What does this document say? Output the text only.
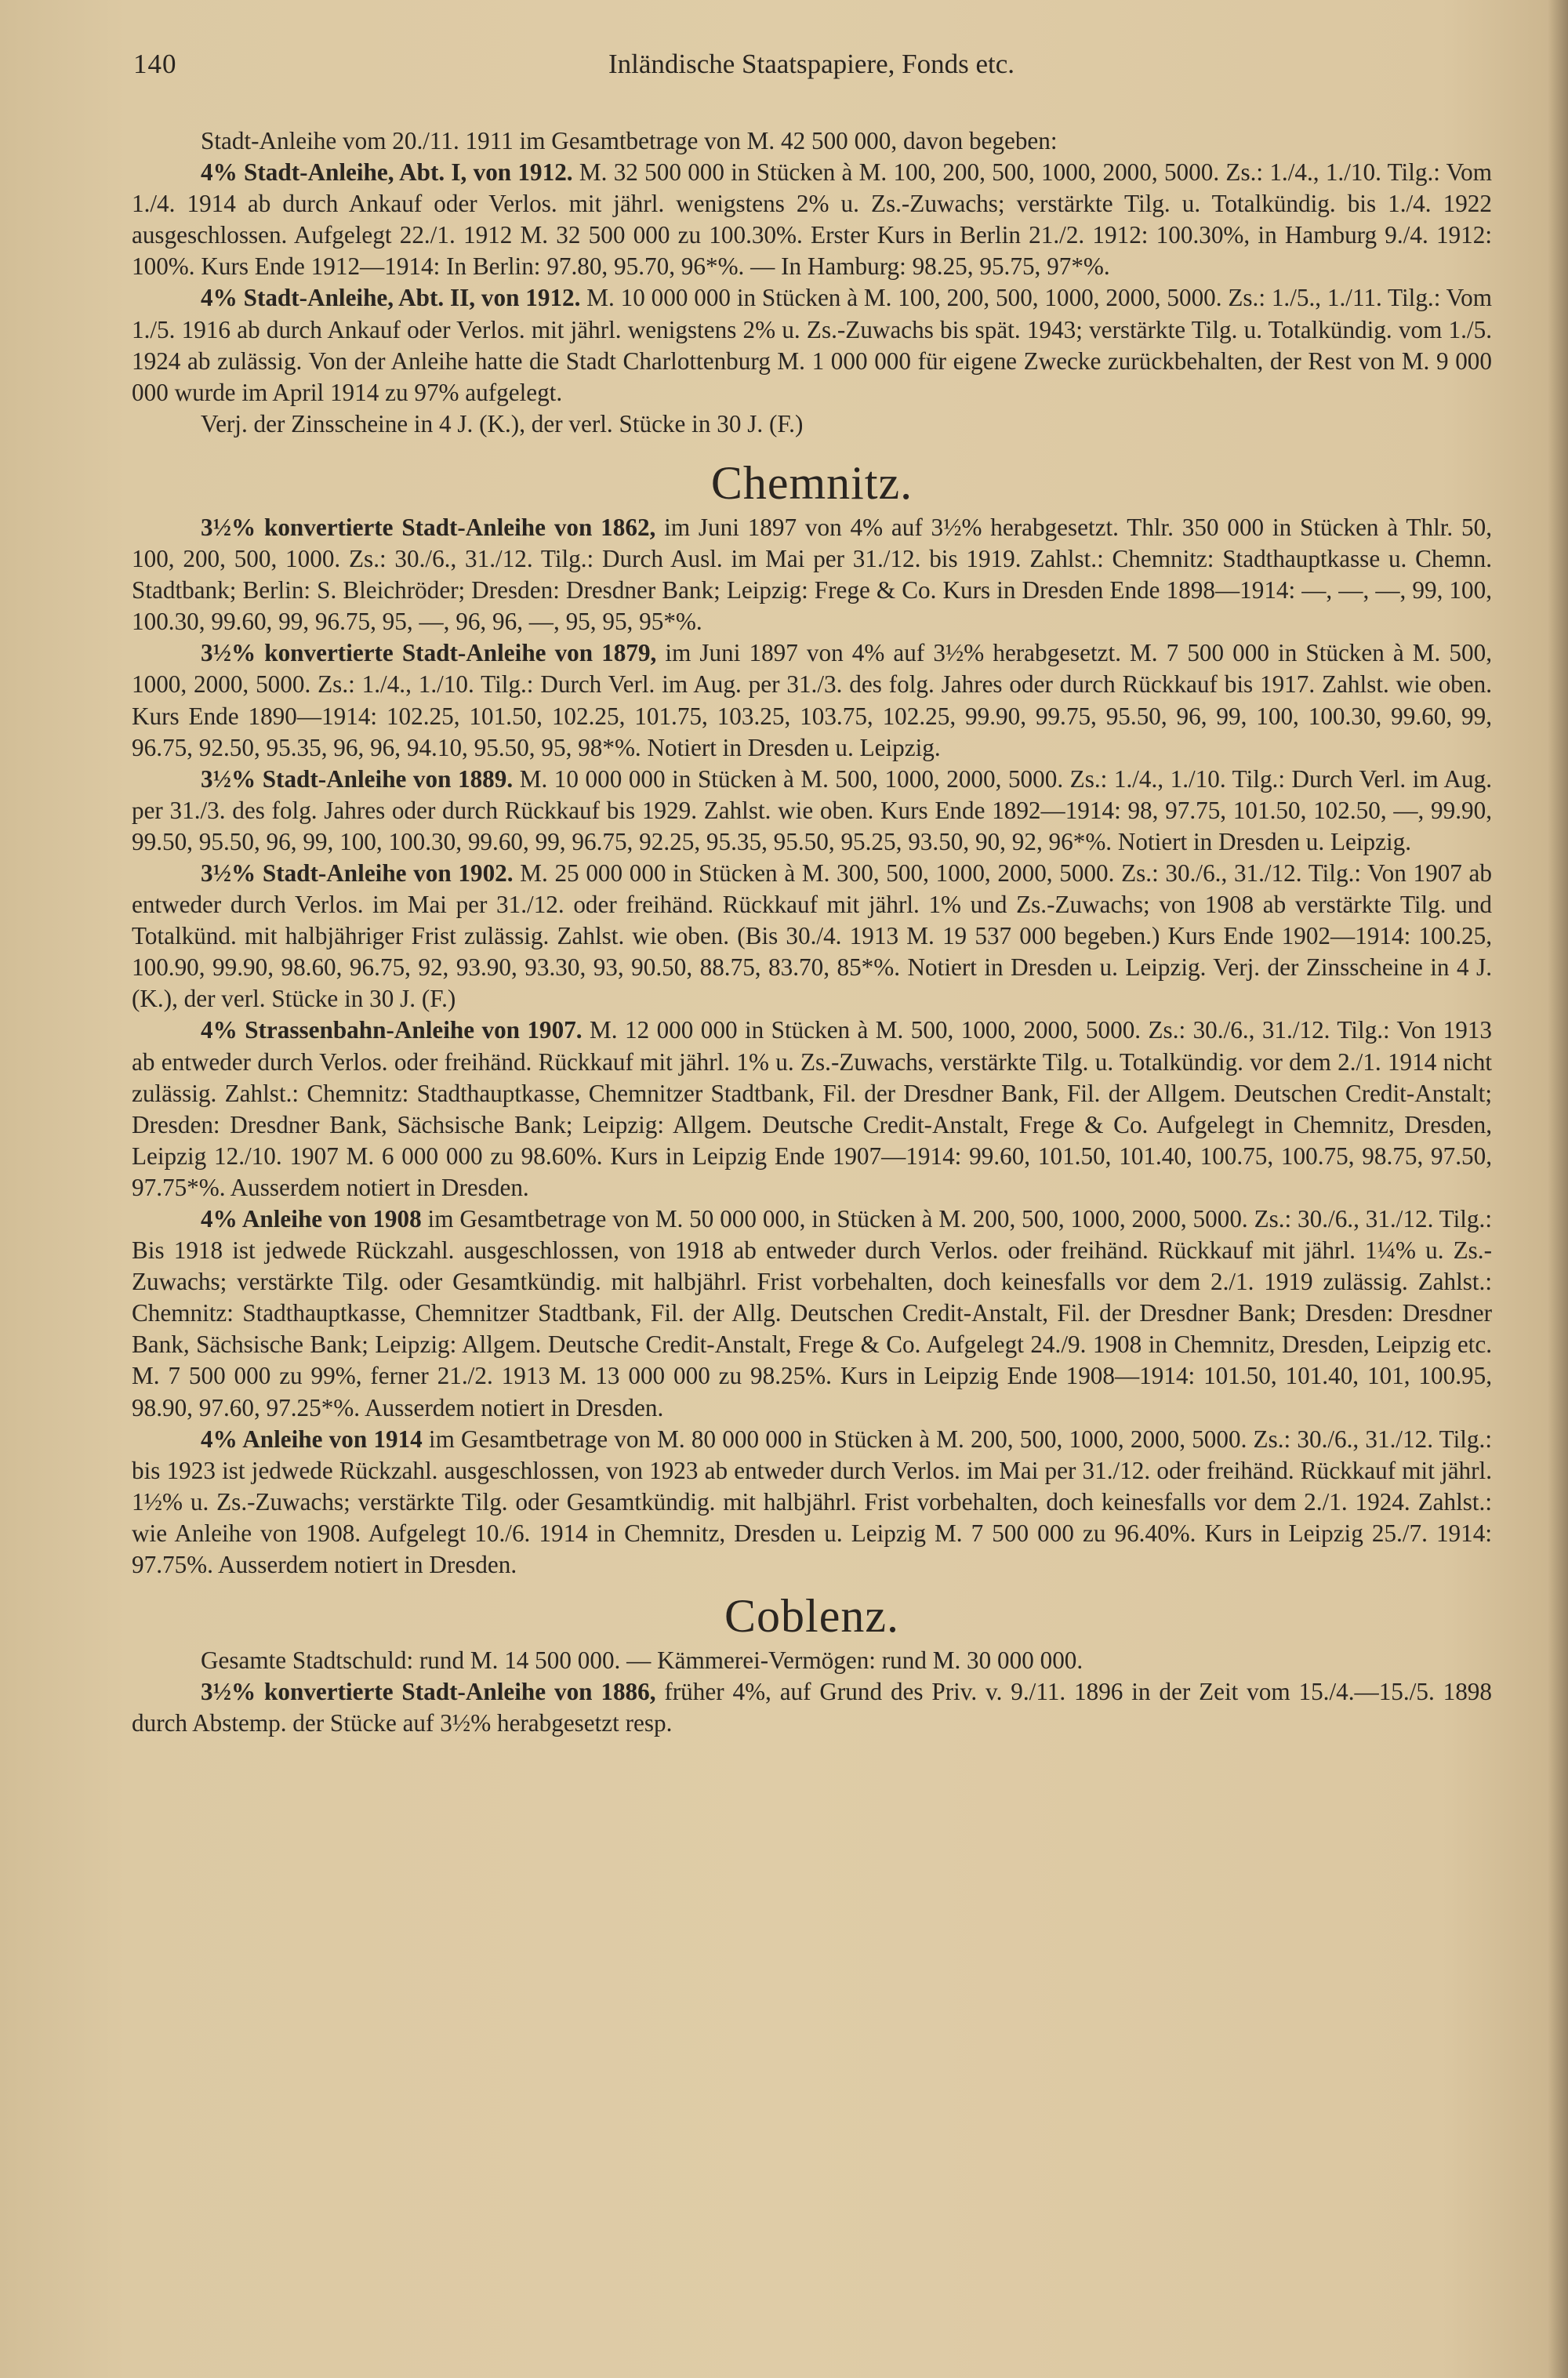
140	Inländische Staatspapiere, Fonds etc.

Stadt-Anleihe vom 20./11. 1911 im Gesamtbetrage von M. 42 500 000, davon begeben:

4% Stadt-Anleihe, Abt. I, von 1912. M. 32 500 000 in Stücken à M. 100, 200, 500, 1000, 2000, 5000. Zs.: 1./4., 1./10. Tilg.: Vom 1./4. 1914 ab durch Ankauf oder Verlos. mit jährl. wenigstens 2% u. Zs.-Zuwachs; verstärkte Tilg. u. Totalkündig. bis 1./4. 1922 ausgeschlossen. Aufgelegt 22./1. 1912 M. 32 500 000 zu 100.30%. Erster Kurs in Berlin 21./2. 1912: 100.30%, in Hamburg 9./4. 1912: 100%. Kurs Ende 1912—1914: In Berlin: 97.80, 95.70, 96*%. — In Hamburg: 98.25, 95.75, 97*%.

4% Stadt-Anleihe, Abt. II, von 1912. M. 10 000 000 in Stücken à M. 100, 200, 500, 1000, 2000, 5000. Zs.: 1./5., 1./11. Tilg.: Vom 1./5. 1916 ab durch Ankauf oder Verlos. mit jährl. wenigstens 2% u. Zs.-Zuwachs bis spät. 1943; verstärkte Tilg. u. Totalkündig. vom 1./5. 1924 ab zulässig. Von der Anleihe hatte die Stadt Charlottenburg M. 1 000 000 für eigene Zwecke zurückbehalten, der Rest von M. 9 000 000 wurde im April 1914 zu 97% aufgelegt.

Verj. der Zinsscheine in 4 J. (K.), der verl. Stücke in 30 J. (F.)

Chemnitz.

3½% konvertierte Stadt-Anleihe von 1862, im Juni 1897 von 4% auf 3½% herabgesetzt. Thlr. 350 000 in Stücken à Thlr. 50, 100, 200, 500, 1000. Zs.: 30./6., 31./12. Tilg.: Durch Ausl. im Mai per 31./12. bis 1919. Zahlst.: Chemnitz: Stadthauptkasse u. Chemn. Stadtbank; Berlin: S. Bleichröder; Dresden: Dresdner Bank; Leipzig: Frege & Co. Kurs in Dresden Ende 1898—1914: —, —, —, 99, 100, 100.30, 99.60, 99, 96.75, 95, —, 96, 96, —, 95, 95, 95*%.

3½% konvertierte Stadt-Anleihe von 1879, im Juni 1897 von 4% auf 3½% herabgesetzt. M. 7 500 000 in Stücken à M. 500, 1000, 2000, 5000. Zs.: 1./4., 1./10. Tilg.: Durch Verl. im Aug. per 31./3. des folg. Jahres oder durch Rückkauf bis 1917. Zahlst. wie oben. Kurs Ende 1890—1914: 102.25, 101.50, 102.25, 101.75, 103.25, 103.75, 102.25, 99.90, 99.75, 95.50, 96, 99, 100, 100.30, 99.60, 99, 96.75, 92.50, 95.35, 96, 96, 94.10, 95.50, 95, 98*%. Notiert in Dresden u. Leipzig.

3½% Stadt-Anleihe von 1889. M. 10 000 000 in Stücken à M. 500, 1000, 2000, 5000. Zs.: 1./4., 1./10. Tilg.: Durch Verl. im Aug. per 31./3. des folg. Jahres oder durch Rückkauf bis 1929. Zahlst. wie oben. Kurs Ende 1892—1914: 98, 97.75, 101.50, 102.50, —, 99.90, 99.50, 95.50, 96, 99, 100, 100.30, 99.60, 99, 96.75, 92.25, 95.35, 95.50, 95.25, 93.50, 90, 92, 96*%. Notiert in Dresden u. Leipzig.

3½% Stadt-Anleihe von 1902. M. 25 000 000 in Stücken à M. 300, 500, 1000, 2000, 5000. Zs.: 30./6., 31./12. Tilg.: Von 1907 ab entweder durch Verlos. im Mai per 31./12. oder freihänd. Rückkauf mit jährl. 1% und Zs.-Zuwachs; von 1908 ab verstärkte Tilg. und Totalkünd. mit halbjähriger Frist zulässig. Zahlst. wie oben. (Bis 30./4. 1913 M. 19 537 000 begeben.) Kurs Ende 1902—1914: 100.25, 100.90, 99.90, 98.60, 96.75, 92, 93.90, 93.30, 93, 90.50, 88.75, 83.70, 85*%. Notiert in Dresden u. Leipzig. Verj. der Zinsscheine in 4 J. (K.), der verl. Stücke in 30 J. (F.)

4% Strassenbahn-Anleihe von 1907. M. 12 000 000 in Stücken à M. 500, 1000, 2000, 5000. Zs.: 30./6., 31./12. Tilg.: Von 1913 ab entweder durch Verlos. oder freihänd. Rückkauf mit jährl. 1% u. Zs.-Zuwachs, verstärkte Tilg. u. Totalkündig. vor dem 2./1. 1914 nicht zulässig. Zahlst.: Chemnitz: Stadthauptkasse, Chemnitzer Stadtbank, Fil. der Dresdner Bank, Fil. der Allgem. Deutschen Credit-Anstalt; Dresden: Dresdner Bank, Sächsische Bank; Leipzig: Allgem. Deutsche Credit-Anstalt, Frege & Co. Aufgelegt in Chemnitz, Dresden, Leipzig 12./10. 1907 M. 6 000 000 zu 98.60%. Kurs in Leipzig Ende 1907—1914: 99.60, 101.50, 101.40, 100.75, 100.75, 98.75, 97.50, 97.75*%. Ausserdem notiert in Dresden.

4% Anleihe von 1908 im Gesamtbetrage von M. 50 000 000, in Stücken à M. 200, 500, 1000, 2000, 5000. Zs.: 30./6., 31./12. Tilg.: Bis 1918 ist jedwede Rückzahl. ausgeschlossen, von 1918 ab entweder durch Verlos. oder freihänd. Rückkauf mit jährl. 1¼% u. Zs.-Zuwachs; verstärkte Tilg. oder Gesamtkündig. mit halbjährl. Frist vorbehalten, doch keinesfalls vor dem 2./1. 1919 zulässig. Zahlst.: Chemnitz: Stadthauptkasse, Chemnitzer Stadtbank, Fil. der Allg. Deutschen Credit-Anstalt, Fil. der Dresdner Bank; Dresden: Dresdner Bank, Sächsische Bank; Leipzig: Allgem. Deutsche Credit-Anstalt, Frege & Co. Aufgelegt 24./9. 1908 in Chemnitz, Dresden, Leipzig etc. M. 7 500 000 zu 99%, ferner 21./2. 1913 M. 13 000 000 zu 98.25%. Kurs in Leipzig Ende 1908—1914: 101.50, 101.40, 101, 100.95, 98.90, 97.60, 97.25*%. Ausserdem notiert in Dresden.

4% Anleihe von 1914 im Gesamtbetrage von M. 80 000 000 in Stücken à M. 200, 500, 1000, 2000, 5000. Zs.: 30./6., 31./12. Tilg.: bis 1923 ist jedwede Rückzahl. ausgeschlossen, von 1923 ab entweder durch Verlos. im Mai per 31./12. oder freihänd. Rückkauf mit jährl. 1½% u. Zs.-Zuwachs; verstärkte Tilg. oder Gesamtkündig. mit halbjährl. Frist vorbehalten, doch keinesfalls vor dem 2./1. 1924. Zahlst.: wie Anleihe von 1908. Aufgelegt 10./6. 1914 in Chemnitz, Dresden u. Leipzig M. 7 500 000 zu 96.40%. Kurs in Leipzig 25./7. 1914: 97.75%. Ausserdem notiert in Dresden.

Coblenz.

Gesamte Stadtschuld: rund M. 14 500 000. — Kämmerei-Vermögen: rund M. 30 000 000.

3½% konvertierte Stadt-Anleihe von 1886, früher 4%, auf Grund des Priv. v. 9./11. 1896 in der Zeit vom 15./4.—15./5. 1898 durch Abstemp. der Stücke auf 3½% herabgesetzt resp.
